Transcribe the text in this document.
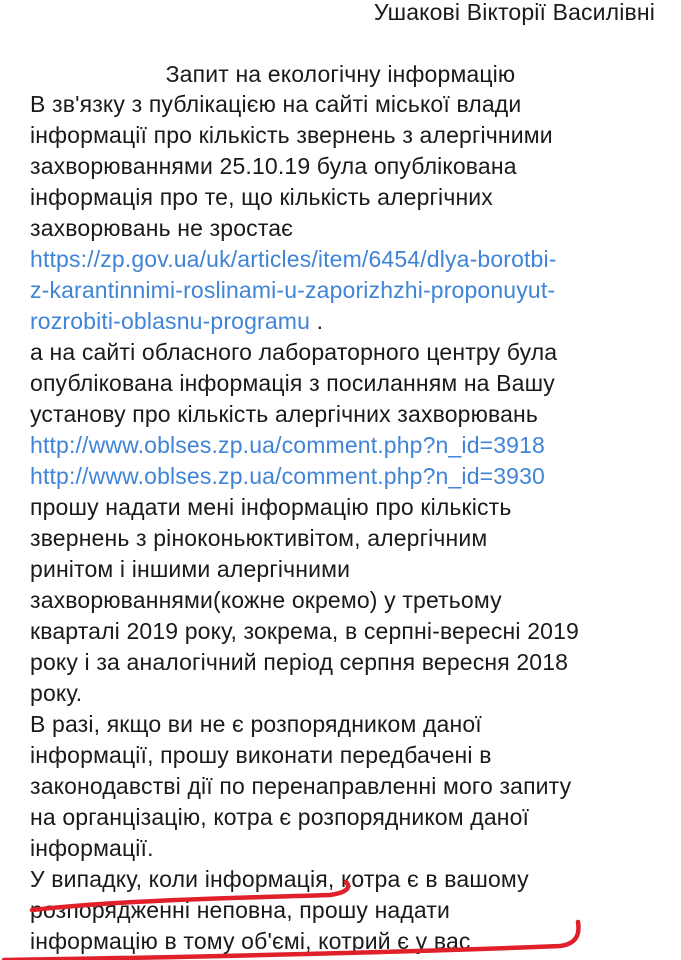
Ушакові Вікторії Василівні
Запит на екологічну інформацію
В зв'язку з публікацією на сайті міської влади
інформації про кількість звернень з алергічними
захворюваннями 25.10.19 була опублікована
інформація про те, що кількість алергічних
захворювань не зростає
https://zp.gov.ua/uk/articles/item/6454/dlya-borotbi-
z-karantinnimi-roslinami-u-zaporizhzhi-proponuyut-
rozrobiti-oblasnu-programu .
а на сайті обласного лабораторного центру була
опублікована інформація з посиланням на Вашу
установу про кількість алергічних захворювань
http://www.oblses.zp.ua/comment.php?n_id=3918
http://www.oblses.zp.ua/comment.php?n_id=3930
прошу надати мені інформацію про кількість
звернень з ріноконьюктивітом, алергічним
ринітом і іншими алергічними
захворюваннями(кожне окремо) у третьому
кварталі 2019 року, зокрема, в серпні-вересні 2019
року і за аналогічний період серпня вересня 2018
року.
В разі, якщо ви не є розпорядником даної
інформації, прошу виконати передбачені в
законодавстві дії по перенаправленні мого запиту
на органцізацію, котра є розпорядником даної
інформації.
У випадку, коли інформація, котра є в вашому
розпорядженні неповна, прошу надати
інформацію в тому об'ємі, котрий є у вас
